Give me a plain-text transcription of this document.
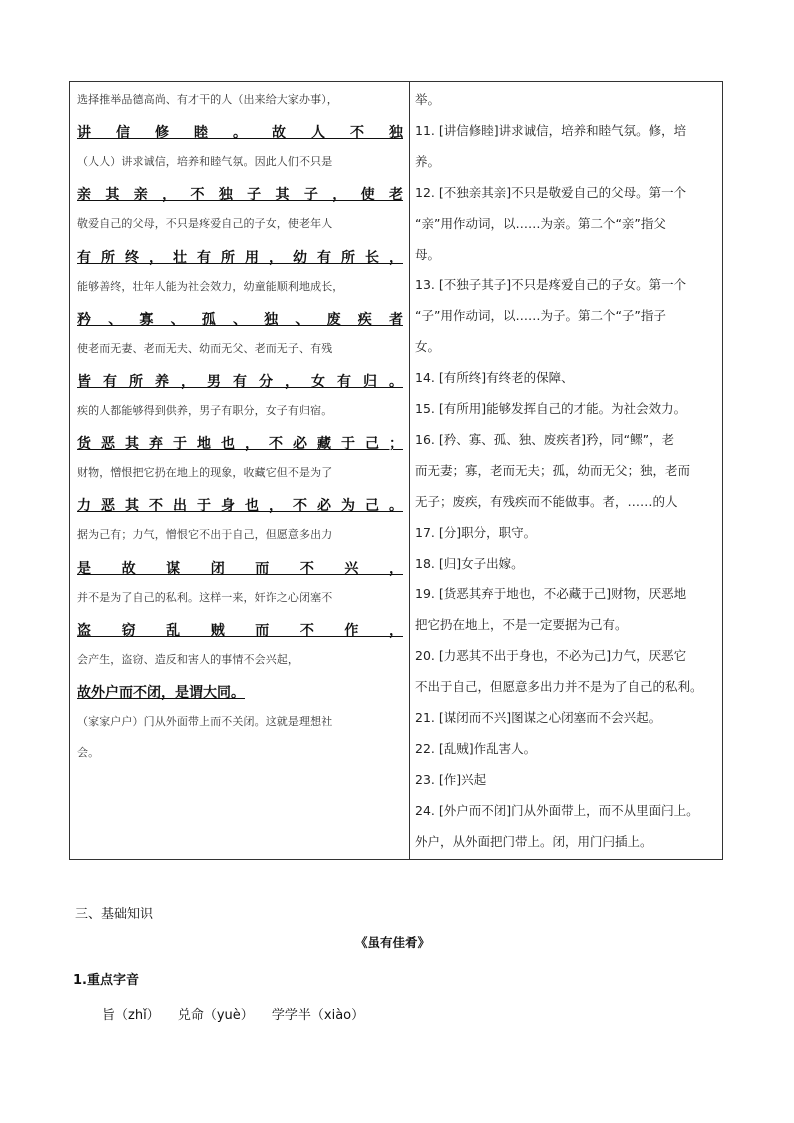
选择推举品德高尚、有才干的人（出来给大家办事），
讲 信 修 睦 。 故 人 不 独
（人人）讲求诚信，培养和睦气氛。因此人们不只是
亲 其 亲 ， 不 独 子 其 子 ， 使 老
敬爱自己的父母，不只是疼爱自己的子女，使老年人
有 所 终 ， 壮 有 所 用 ， 幼 有 所 长 ，
能够善终，壮年人能为社会效力，幼童能顺利地成长，
矜 、 寡 、 孤 、 独 、 废 疾 者
使老而无妻、老而无夫、幼而无父、老而无子、有残
皆 有 所 养 ， 男 有 分 ， 女 有 归 。
疾的人都能够得到供养，男子有职分，女子有归宿。
货 恶 其 弃 于 地 也 ， 不 必 藏 于 己 ；
财物，憎恨把它扔在地上的现象，收藏它但不是为了
力 恶 其 不 出 于 身 也 ， 不 必 为 己 。
据为己有；力气，憎恨它不出于自己，但愿意多出力
是 故 谋 闭 而 不 兴 ，
并不是为了自己的私利。这样一来，奸诈之心闭塞不
盗 窃 乱 贼 而 不 作 ，
会产生，盗窃、造反和害人的事情不会兴起，
故外户而不闭，是谓大同。
（家家户户）门从外面带上而不关闭。这就是理想社
会。
举。
11. [讲信修睦]讲求诚信，培养和睦气氛。修，培
养。
12. [不独亲其亲]不只是敬爱自己的父母。第一个
“亲”用作动词，以……为亲。第二个“亲”指父
母。
13. [不独子其子]不只是疼爱自己的子女。第一个
“子”用作动词，以……为子。第二个“子”指子
女。
14. [有所终]有终老的保障、
15. [有所用]能够发挥自己的才能。为社会效力。
16. [矜、寡、孤、独、废疾者]矜，同“鳏”，老
而无妻；寡，老而无夫；孤，幼而无父；独，老而
无子；废疾，有残疾而不能做事。者，……的人
17. [分]职分，职守。
18. [归]女子出嫁。
19. [货恶其弃于地也，不必藏于己]财物，厌恶地
把它扔在地上，不是一定要据为己有。
20. [力恶其不出于身也，不必为己]力气，厌恶它
不出于自己，但愿意多出力并不是为了自己的私利。
21. [谋闭而不兴]图谋之心闭塞而不会兴起。
22. [乱贼]作乱害人。
23. [作]兴起
24. [外户而不闭]门从外面带上，而不从里面闩上。
外户，从外面把门带上。闭，用门闩插上。
三、基础知识
《虽有佳肴》
1.重点字音
旨（zhǐ） 兑命（yuè） 学学半（xiào）
